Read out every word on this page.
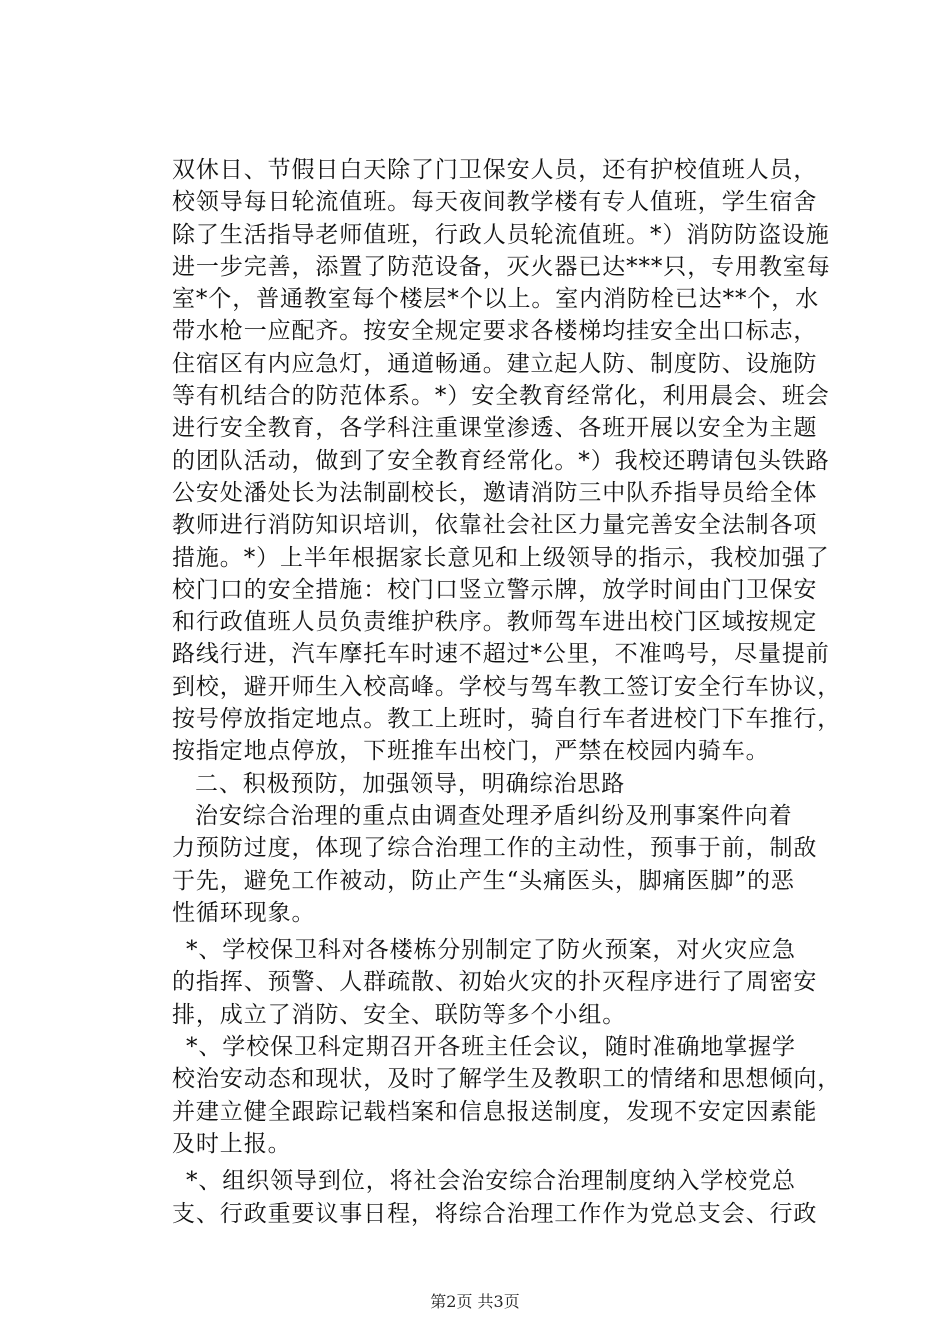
双休日、节假日白天除了门卫保安人员，还有护校值班人员，
校领导每日轮流值班。每天夜间教学楼有专人值班，学生宿舍
除了生活指导老师值班，行政人员轮流值班。*）消防防盗设施
进一步完善，添置了防范设备，灭火器已达***只，专用教室每
室*个，普通教室每个楼层*个以上。室内消防栓已达**个，水
带水枪一应配齐。按安全规定要求各楼梯均挂安全出口标志，
住宿区有内应急灯，通道畅通。建立起人防、制度防、设施防
等有机结合的防范体系。*）安全教育经常化，利用晨会、班会
进行安全教育，各学科注重课堂渗透、各班开展以安全为主题
的团队活动，做到了安全教育经常化。*）我校还聘请包头铁路
公安处潘处长为法制副校长，邀请消防三中队乔指导员给全体
教师进行消防知识培训，依靠社会社区力量完善安全法制各项
措施。*）上半年根据家长意见和上级领导的指示，我校加强了
校门口的安全措施：校门口竖立警示牌，放学时间由门卫保安
和行政值班人员负责维护秩序。教师驾车进出校门区域按规定
路线行进，汽车摩托车时速不超过*公里，不准鸣号，尽量提前
到校，避开师生入校高峰。学校与驾车教工签订安全行车协议，
按号停放指定地点。教工上班时，骑自行车者进校门下车推行，
按指定地点停放，下班推车出校门，严禁在校园内骑车。
二、积极预防，加强领导，明确综治思路
治安综合治理的重点由调查处理矛盾纠纷及刑事案件向着
力预防过度，体现了综合治理工作的主动性，预事于前，制敌
于先，避免工作被动，防止产生“头痛医头，脚痛医脚”的恶
性循环现象。
*、学校保卫科对各楼栋分别制定了防火预案，对火灾应急
的指挥、预警、人群疏散、初始火灾的扑灭程序进行了周密安
排，成立了消防、安全、联防等多个小组。
*、学校保卫科定期召开各班主任会议，随时准确地掌握学
校治安动态和现状，及时了解学生及教职工的情绪和思想倾向，
并建立健全跟踪记载档案和信息报送制度，发现不安定因素能
及时上报。
*、组织领导到位，将社会治安综合治理制度纳入学校党总
支、行政重要议事日程，将综合治理工作作为党总支会、行政
第2页 共3页
